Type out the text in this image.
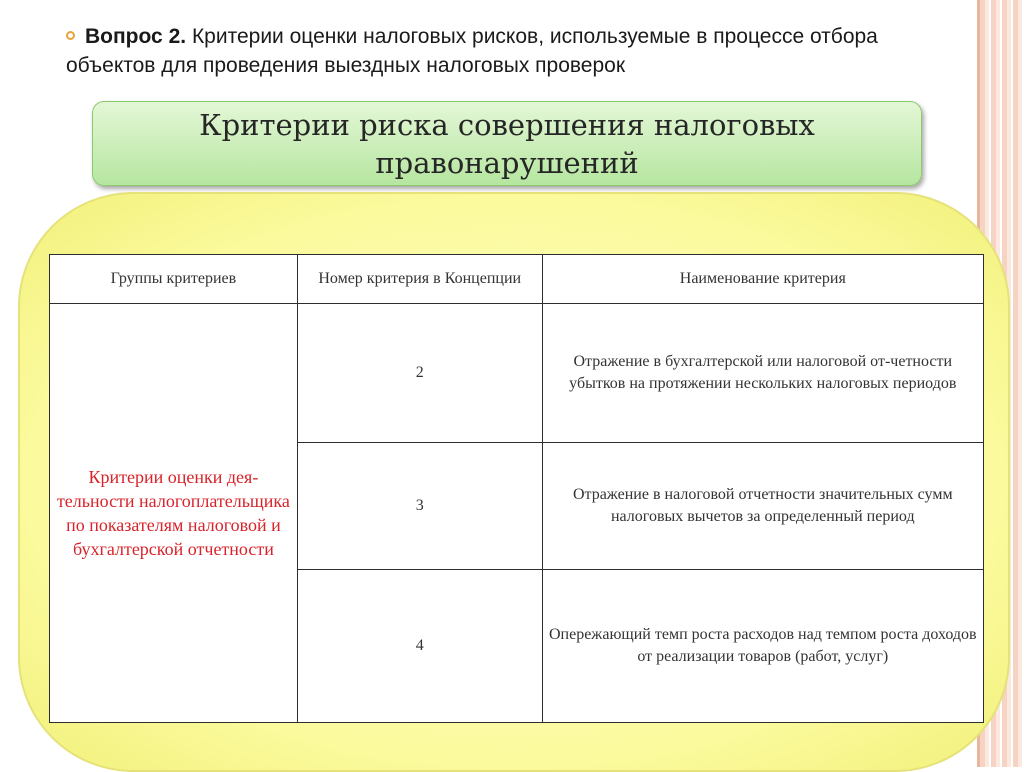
Вопрос 2. Критерии оценки налоговых рисков, используемые в процессе отбора объектов для проведения выездных налоговых проверок
Критерии риска совершения налоговых правонарушений
Группы критериев	Номер критерия в Концепции	Наименование критерия
Критерии оценки дея-тельности налогоплательщика по показателям налоговой и бухгалтерской отчетности	2	Отражение в бухгалтерской или налоговой от-четности убытков на протяжении нескольких налоговых периодов
	3	Отражение в налоговой отчетности значительных сумм налоговых вычетов за определенный период
	4	Опережающий темп роста расходов над темпом роста доходов от реализации товаров (работ, услуг)
